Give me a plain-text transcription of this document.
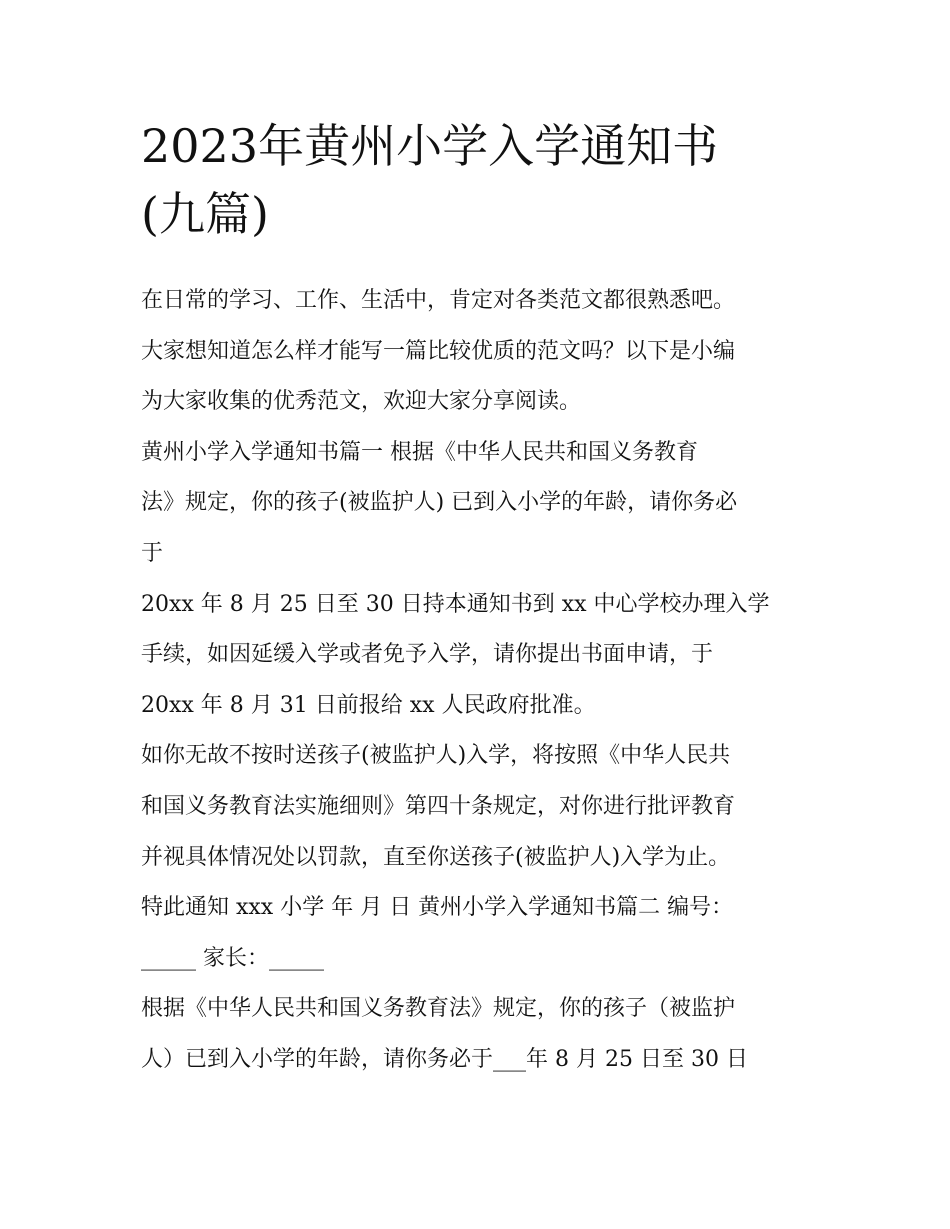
2023年黄州小学入学通知书
(九篇)
在日常的学习、工作、生活中，肯定对各类范文都很熟悉吧。
大家想知道怎么样才能写一篇比较优质的范文吗？以下是小编
为大家收集的优秀范文，欢迎大家分享阅读。
黄州小学入学通知书篇一 根据《中华人民共和国义务教育
法》规定，你的孩子(被监护人) 已到入小学的年龄，请你务必
于
20xx 年 8 月 25 日至 30 日持本通知书到 xx 中心学校办理入学
手续，如因延缓入学或者免予入学，请你提出书面申请，于
20xx 年 8 月 31 日前报给 xx 人民政府批准。
如你无故不按时送孩子(被监护人)入学，将按照《中华人民共
和国义务教育法实施细则》第四十条规定，对你进行批评教育
并视具体情况处以罚款，直至你送孩子(被监护人)入学为止。
特此通知 xxx 小学 年 月 日 黄州小学入学通知书篇二 编号：
_____ 家长：_____
根据《中华人民共和国义务教育法》规定，你的孩子（被监护
人）已到入小学的年龄，请你务必于___年 8 月 25 日至 30 日
